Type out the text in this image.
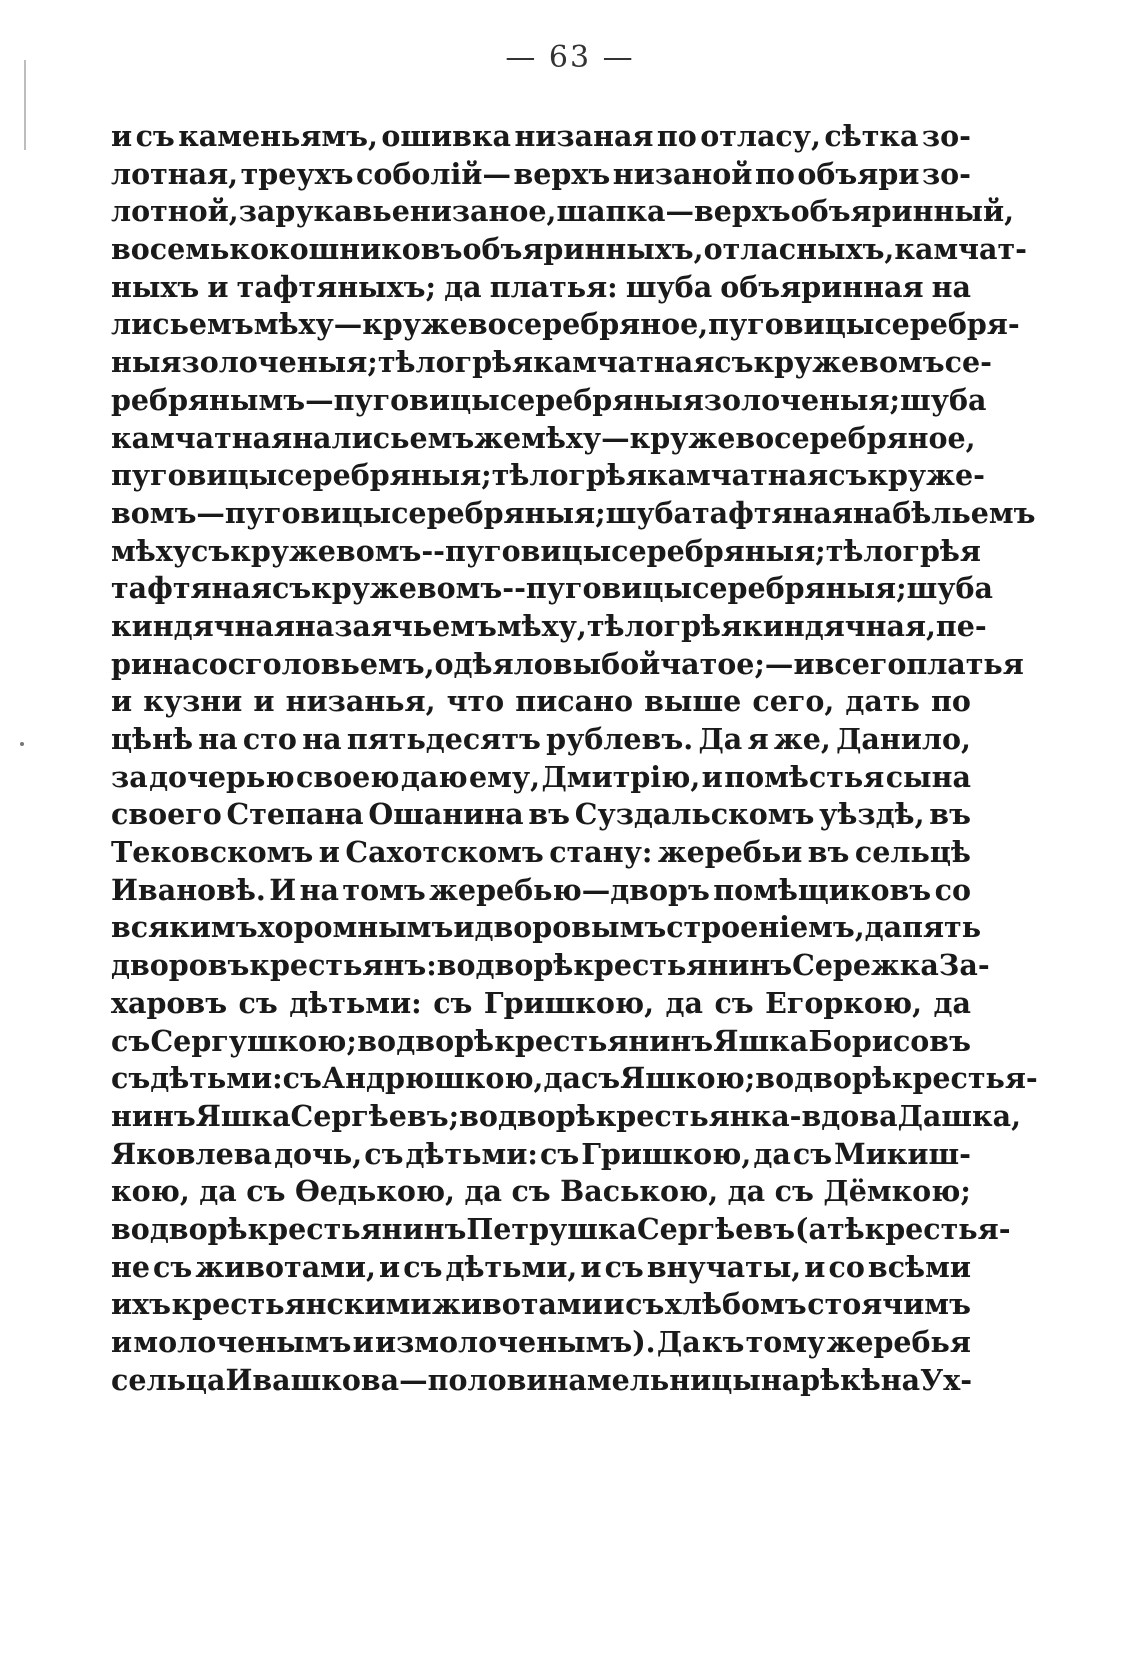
— 63 —
и съ каменьямъ, ошивка низаная по отласу, сѣтка зо-
лотная, треухъ соболій— верхъ низаной по объяри зо-
лотной, зарукавье низаное, шапка — верхъ объяринный,
восемь кокошниковъ объяринныхъ, отласныхъ, камчат-
ныхъ и тафтяныхъ; да платья: шуба объяринная на
лисьемъ мѣху—кружево серебряное, пуговицы серебря-
ныя золоченыя; тѣлогрѣя камчатная съ кружевомъ се-
ребрянымъ—пуговицы серебряныя золоченыя; шуба
камчатная на лисьемъ же мѣху—кружево серебряное,
пуговицы серебряныя; тѣлогрѣя камчатная съ круже-
вомъ—пуговицы серебряныя; шуба тафтяная на бѣльемъ
мѣху съ кружевомъ--пуговицы серебряныя; тѣлогрѣя
тафтяная съ кружевомъ--пуговицы серебряныя; шуба
киндячная на заячьемъ мѣху, тѣлогрѣя киндячная, пе-
рина со сголовьемъ, одѣяло выбойчатое;— и всего платья
и кузни и низанья, что писано выше сего, дать по
цѣнѣ на сто на пятьдесятъ рублевъ. Да я же, Данило,
за дочерью своею даю ему, Дмитрію, и помѣстья сына
своего Степана Ошанина въ Суздальскомъ уѣздѣ, въ
Тековскомъ и Сахотскомъ стану: жеребьи въ сельцѣ
Ивановѣ. И на томъ жеребью—дворъ помѣщиковъ со
всякимъ хоромнымъ и дворовымъ строеніемъ, да пять
дворовъ крестьянъ: во дворѣ крестьянинъ Сережка За-
харовъ съ дѣтьми: съ Гришкою, да съ Егоркою, да
съ Сергушкою; во дворѣ крестьянинъ Яшка Борисовъ
съ дѣтьми: съ Андрюшкою,да съ Яшкою; во дворѣ крестья-
нинъ Яшка Сергѣевъ; во дворѣ крестьянка-вдова Дашка,
Яковлева дочь, съ дѣтьми: съ Гришкою, да съ Микиш-
кою, да съ Ѳедькою, да съ Ваською, да съ Дёмкою;
во дворѣ крестьянинъ Петрушка Сергѣевъ (а тѣ крестья-
не съ животами, и съ дѣтьми, и съ внучаты, и со всѣми
ихъ крестьянскими животами и съ хлѣбомъ стоячимъ
и молоченымъ и измолоченымъ). Да къ тому жеребья
сельца Ивашкова—половина мельницы на рѣкѣ на Ух-
